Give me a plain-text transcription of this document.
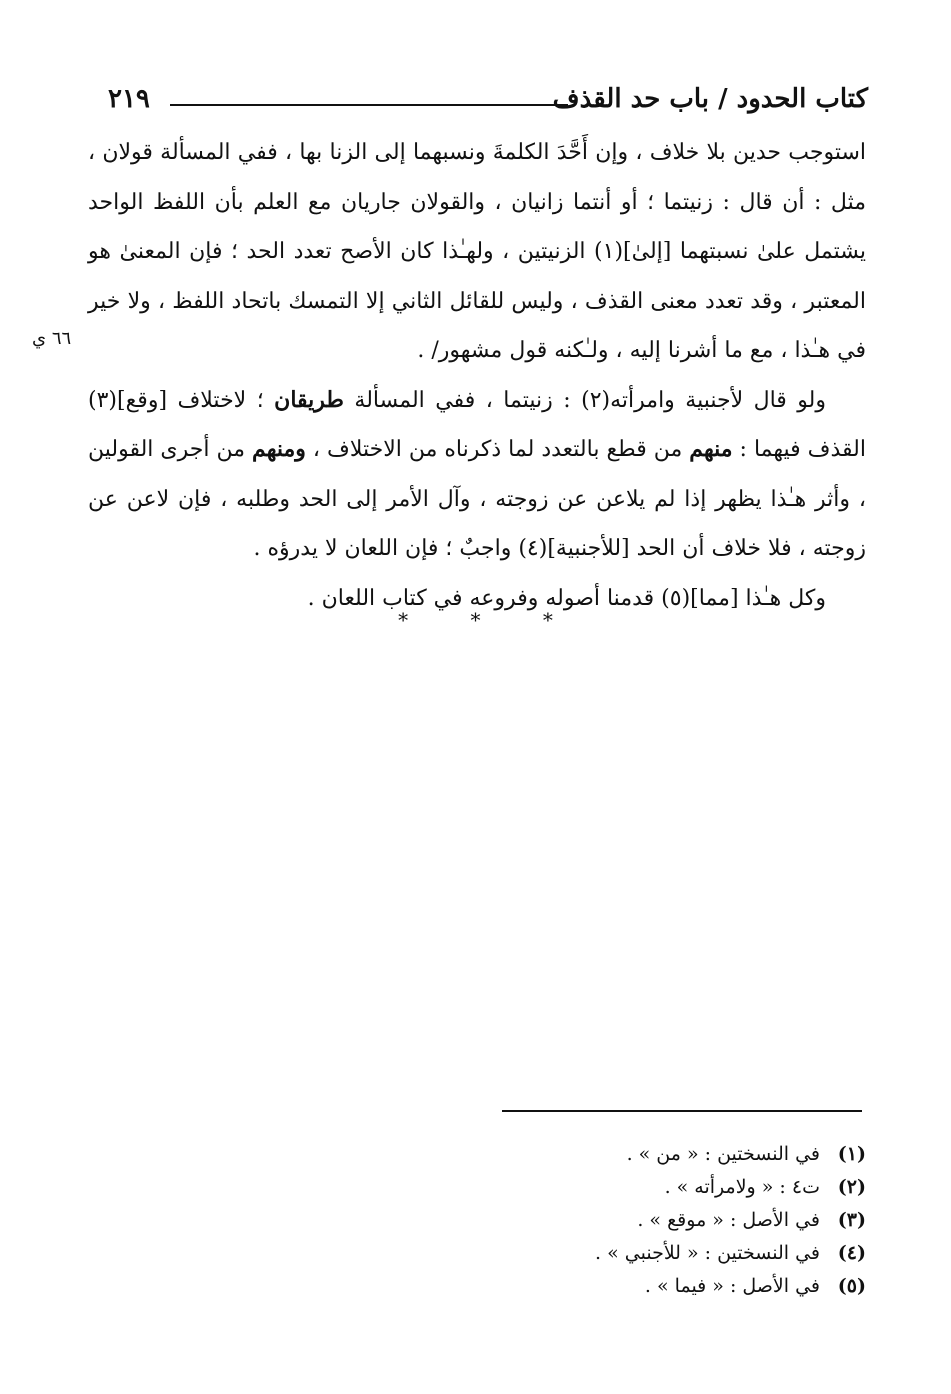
كتاب الحدود / باب حد القذف
٢١٩
٦٦ ي

استوجب حدين بلا خلاف ، وإن أَحَّدَ الكلمةَ ونسبهما إلى الزنا بها ، ففي المسألة قولان ، مثل : أن قال : زنيتما ؛ أو أنتما زانيان ، والقولان جاريان مع العلم بأن اللفظ الواحد يشتمل علىٰ نسبتهما [إلىٰ](١) الزنيتين ، ولهـٰذا كان الأصح تعدد الحد ؛ فإن المعنىٰ هو المعتبر ، وقد تعدد معنى القذف ، وليس للقائل الثاني إلا التمسك باتحاد اللفظ ، ولا خير في هـٰذا ، مع ما أشرنا إليه ، ولـٰكنه قول مشهور/ .

ولو قال لأجنبية وامرأته(٢) : زنيتما ، ففي المسألة طريقان ؛ لاختلاف [وقع](٣) القذف فيهما : منهم من قطع بالتعدد لما ذكرناه من الاختلاف ، ومنهم من أجرى القولين ، وأثر هـٰذا يظهر إذا لم يلاعن عن زوجته ، وآل الأمر إلى الحد وطلبه ، فإن لاعن عن زوجته ، فلا خلاف أن الحد [للأجنبية](٤) واجبٌ ؛ فإن اللعان لا يدرؤه .

وكل هـٰذا [مما](٥) قدمنا أصوله وفروعه في كتاب اللعان .

* * *
(١)في النسختين : « من » .
(٢)ت٤ : « ولامرأته » .
(٣)في الأصل : « موقع » .
(٤)في النسختين : « للأجنبي » .
(٥)في الأصل : « فيما » .
